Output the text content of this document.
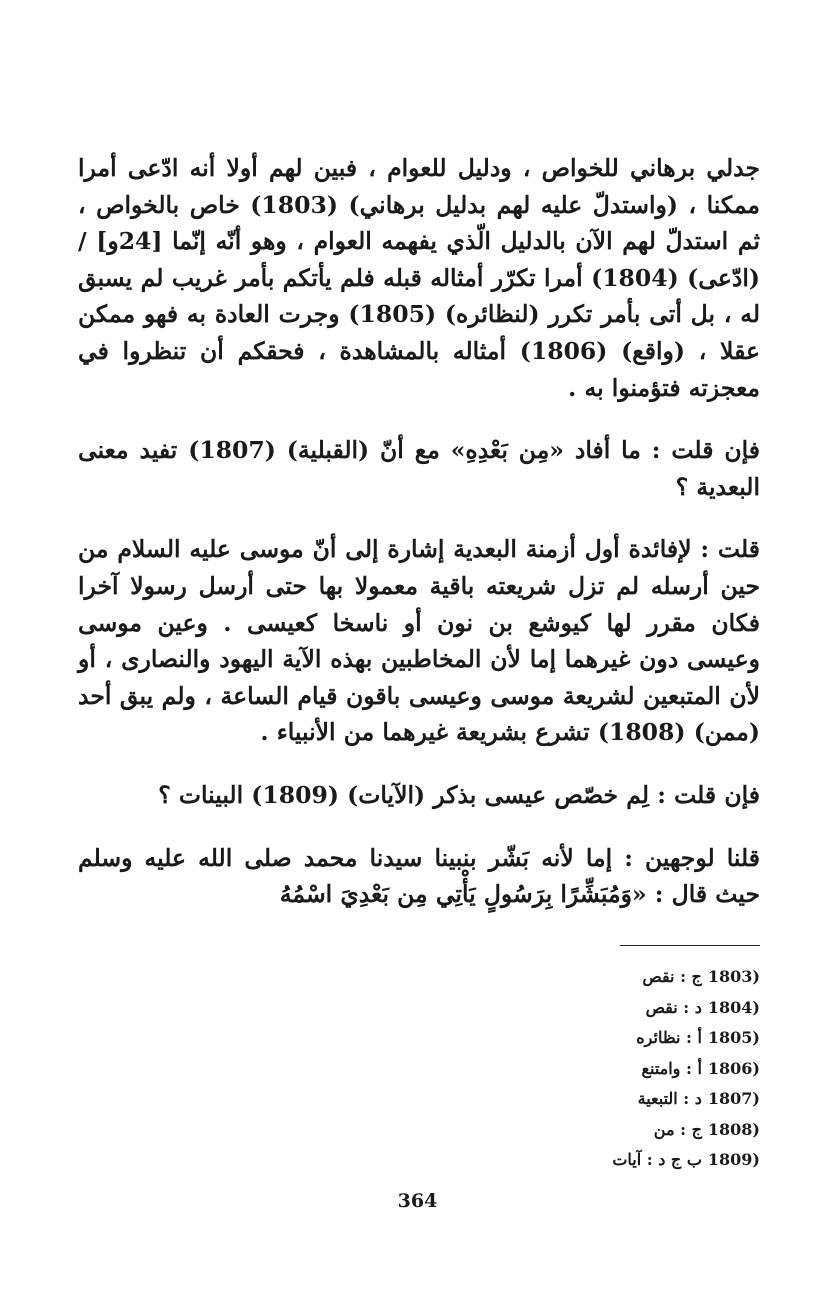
جدلي برهاني للخواص ، ودليل للعوام ، فبين لهم أولا أنه ادّعى أمرا ممكنا ، (واستدلّ عليه لهم بدليل برهاني) (1803) خاص بالخواص ، ثم استدلّ لهم الآن بالدليل الّذي يفهمه العوام ، وهو أنّه إنّما [24و] / (ادّعى) (1804) أمرا تكرّر أمثاله قبله فلم يأتكم بأمر غريب لم يسبق له ، بل أتى بأمر تكرر (لنظائره) (1805) وجرت العادة به فهو ممكن عقلا ، (واقع) (1806) أمثاله بالمشاهدة ، فحقكم أن تنظروا في معجزته فتؤمنوا به .

فإن قلت : ما أفاد «مِن بَعْدِهِ» مع أنّ (القبلية) (1807) تفيد معنى البعدية ؟

قلت : لإفائدة أول أزمنة البعدية إشارة إلى أنّ موسى عليه السلام من حين أرسله لم تزل شريعته باقية معمولا بها حتى أرسل رسولا آخرا فكان مقرر لها كيوشع بن نون أو ناسخا كعيسى . وعين موسى وعيسى دون غيرهما إما لأن المخاطبين بهذه الآية اليهود والنصارى ، أو لأن المتبعين لشريعة موسى وعيسى باقون قيام الساعة ، ولم يبق أحد (ممن) (1808) تشرع بشريعة غيرهما من الأنبياء .

فإن قلت : لِم خصّص عيسى بذكر (الآيات) (1809) البينات ؟

قلنا لوجهين : إما لأنه بَشّر بنبينا سيدنا محمد صلى الله عليه وسلم حيث قال : «وَمُبَشِّرًا بِرَسُولٍ يَأْتِي مِن بَعْدِيَ اسْمُهُ

(1803ج : نقص
(1804د : نقص
(1805أ : نظائره
(1806أ : وامتنع
(1807د : التبعية
(1808ج : من
(1809ب ج د : آيات
364
